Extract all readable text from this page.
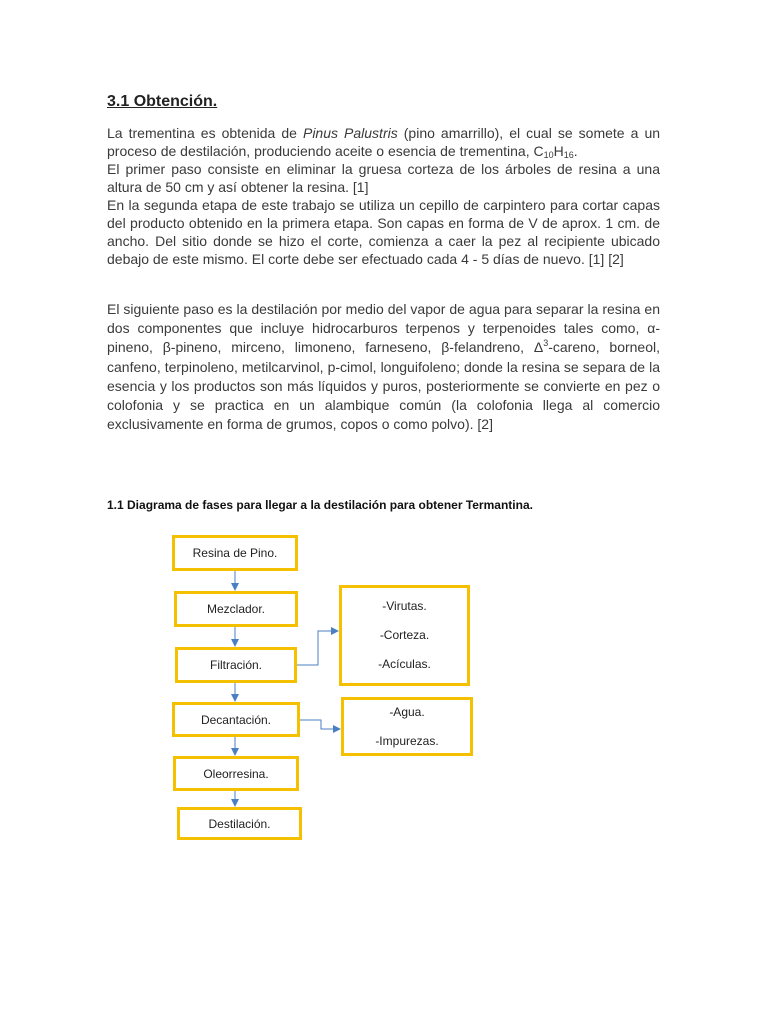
3.1 Obtención.
La trementina es obtenida de Pinus Palustris (pino amarrillo), el cual se somete a un proceso de destilación, produciendo aceite o esencia de trementina, $C_{10}H_{16}$.
El primer paso consiste en eliminar la gruesa corteza de los árboles de resina a una altura de 50 cm y así obtener la resina. [1]
En la segunda etapa de este trabajo se utiliza un cepillo de carpintero para cortar capas del producto obtenido en la primera etapa. Son capas en forma de V de aprox. 1 cm. de ancho. Del sitio donde se hizo el corte, comienza a caer la pez al recipiente ubicado debajo de este mismo. El corte debe ser efectuado cada 4 - 5 días de nuevo. [1] [2]
El siguiente paso es la destilación por medio del vapor de agua para separar la resina en dos componentes que incluye hidrocarburos terpenos y terpenoides tales como, α-pineno, β-pineno, mirceno, limoneno, farneseno, β-felandreno, $\Delta^3$-careno, borneol, canfeno, terpinoleno, metilcarvinol, p-cimol, longuifoleno; donde la resina se separa de la esencia y los productos son más líquidos y puros, posteriormente se convierte en pez o colofonia y se practica en un alambique común (la colofonia llega al comercio exclusivamente en forma de grumos, copos o como polvo). [2]
1.1 Diagrama de fases para llegar a la destilación para obtener Termantina.
Resina de Pino.
Mezclador.
Filtración.
Decantación.
Oleorresina.
Destilación.
-Virutas.
-Corteza.
-Acículas.
-Agua.
-Impurezas.
